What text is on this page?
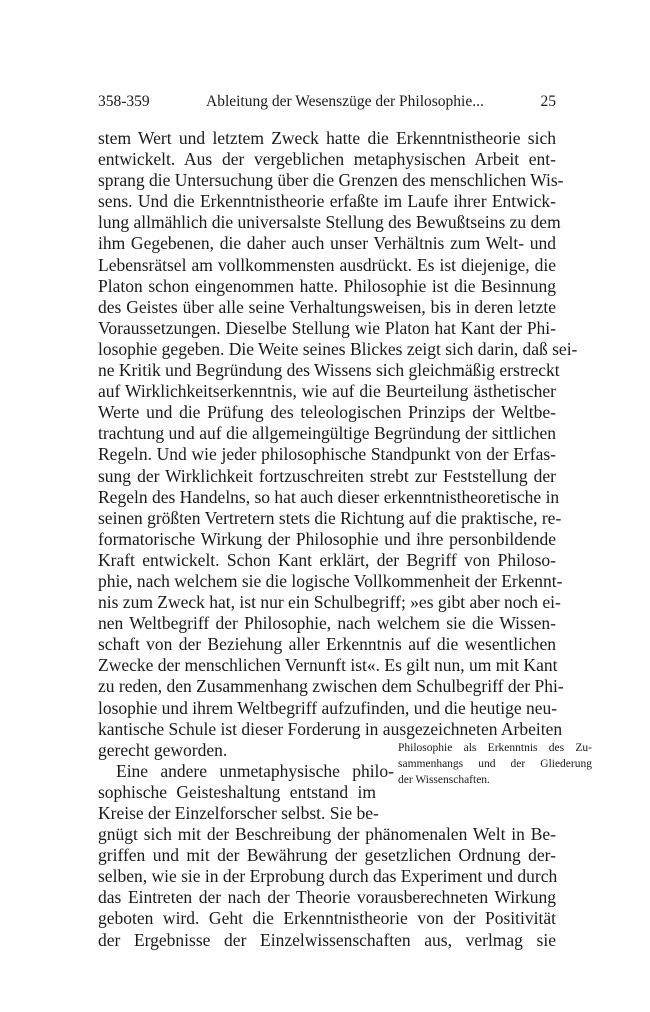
358-359	Ableitung der Wesenszüge der Philosophie...	25
stem Wert und letztem Zweck hatte die Erkenntnistheorie sich
entwickelt. Aus der vergeblichen metaphysischen Arbeit ent-
sprang die Untersuchung über die Grenzen des menschlichen Wis-
sens. Und die Erkenntnistheorie erfaßte im Laufe ihrer Entwick-
lung allmählich die universalste Stellung des Bewußtseins zu dem
ihm Gegebenen, die daher auch unser Verhältnis zum Welt- und
Lebensrätsel am vollkommensten ausdrückt. Es ist diejenige, die
Platon schon eingenommen hatte. Philosophie ist die Besinnung
des Geistes über alle seine Verhaltungsweisen, bis in deren letzte
Voraussetzungen. Dieselbe Stellung wie Platon hat Kant der Phi-
losophie gegeben. Die Weite seines Blickes zeigt sich darin, daß sei-
ne Kritik und Begründung des Wissens sich gleichmäßig erstreckt
auf Wirklichkeitserkenntnis, wie auf die Beurteilung ästhetischer
Werte und die Prüfung des teleologischen Prinzips der Weltbe-
trachtung und auf die allgemeingültige Begründung der sittlichen
Regeln. Und wie jeder philosophische Standpunkt von der Erfas-
sung der Wirklichkeit fortzuschreiten strebt zur Feststellung der
Regeln des Handelns, so hat auch dieser erkenntnistheoretische in
seinen größten Vertretern stets die Richtung auf die praktische, re-
formatorische Wirkung der Philosophie und ihre personbildende
Kraft entwickelt. Schon Kant erklärt, der Begriff von Philoso-
phie, nach welchem sie die logische Vollkommenheit der Erkennt-
nis zum Zweck hat, ist nur ein Schulbegriff; »es gibt aber noch ei-
nen Weltbegriff der Philosophie, nach welchem sie die Wissen-
schaft von der Beziehung aller Erkenntnis auf die wesentlichen
Zwecke der menschlichen Vernunft ist«. Es gilt nun, um mit Kant
zu reden, den Zusammenhang zwischen dem Schulbegriff der Phi-
losophie und ihrem Weltbegriff aufzufinden, und die heutige neu-
kantische Schule ist dieser Forderung in ausgezeichneten Arbeiten
gerecht geworden.
Eine andere unmetaphysische philo-
sophische Geisteshaltung entstand im
Kreise der Einzelforscher selbst. Sie be-
gnügt sich mit der Beschreibung der phänomenalen Welt in Be-
griffen und mit der Bewährung der gesetzlichen Ordnung der-
selben, wie sie in der Erprobung durch das Experiment und durch
das Eintreten der nach der Theorie vorausberechneten Wirkung
geboten wird. Geht die Erkenntnistheorie von der Positivität
der Ergebnisse der Einzelwissenschaften aus, verlmag sie
Philosophie als Erkenntnis des Zu-
sammenhangs und der Gliederung
der Wissenschaften.
